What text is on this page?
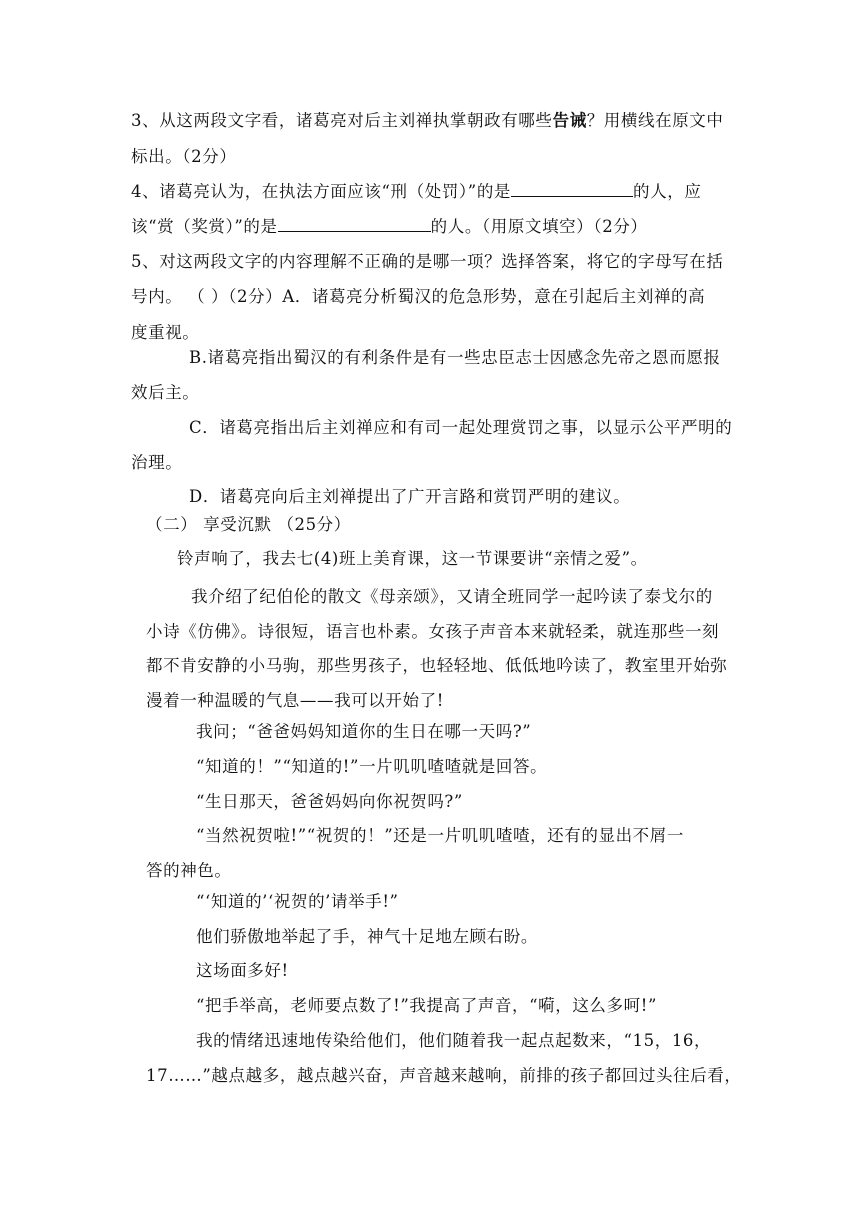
3、从这两段文字看，诸葛亮对后主刘禅执掌朝政有哪些告诫？用横线在原文中
标出。（2分）
4、诸葛亮认为，在执法方面应该“刑（处罚）”的是	的人，应
该“赏（奖赏）”的是	的人。（用原文填空）（2分）
5、对这两段文字的内容理解不正确的是哪一项？选择答案，将它的字母写在括
号内。 （ ）（2分）A．诸葛亮分析蜀汉的危急形势，意在引起后主刘禅的高
度重视。
B.诸葛亮指出蜀汉的有利条件是有一些忠臣志士因感念先帝之恩而愿报
效后主。
C．诸葛亮指出后主刘禅应和有司一起处理赏罚之事，以显示公平严明的
治理。
D．诸葛亮向后主刘禅提出了广开言路和赏罚严明的建议。
（二） 享受沉默 （25分）
铃声响了，我去七(4)班上美育课，这一节课要讲“亲情之爱”。
我介绍了纪伯伦的散文《母亲颂》，又请全班同学一起吟读了泰戈尔的
小诗《仿佛》。诗很短，语言也朴素。女孩子声音本来就轻柔，就连那些一刻
都不肯安静的小马驹，那些男孩子，也轻轻地、低低地吟读了，教室里开始弥
漫着一种温暖的气息——我可以开始了!
我问；“爸爸妈妈知道你的生日在哪一天吗?”
“知道的！”“知道的!”一片叽叽喳喳就是回答。
“生日那天，爸爸妈妈向你祝贺吗?”
“当然祝贺啦!”“祝贺的！”还是一片叽叽喳喳，还有的显出不屑一
答的神色。
“‘知道的’‘祝贺的’请举手!”
他们骄傲地举起了手，神气十足地左顾右盼。
这场面多好!
“把手举高，老师要点数了!”我提高了声音，“嗬，这么多呵!”
我的情绪迅速地传染给他们，他们随着我一起点起数来，“15，16，
17……”越点越多，越点越兴奋，声音越来越响，前排的孩子都回过头往后看，
